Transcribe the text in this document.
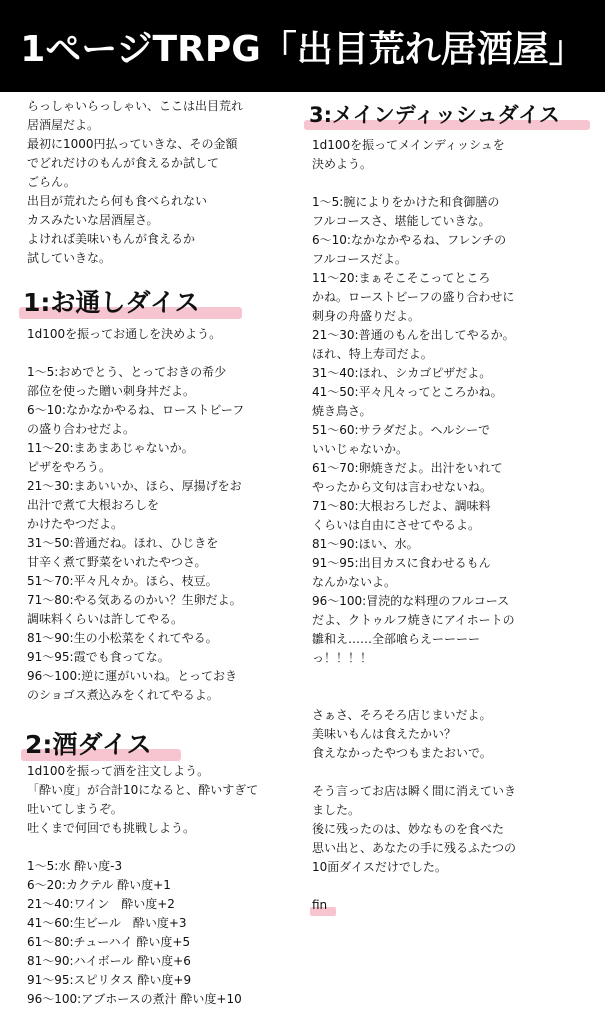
1ページTRPG「出目荒れ居酒屋」
らっしゃいらっしゃい、ここは出目荒れ
居酒屋だよ。
最初に1000円払っていきな、その金額
でどれだけのもんが食えるか試して
ごらん。
出目が荒れたら何も食べられない
カスみたいな居酒屋さ。
よければ美味いもんが食えるか
試していきな。
1:お通しダイス
1d100を振ってお通しを決めよう。
1〜5:おめでとう、とっておきの希少
部位を使った贈い刺身丼だよ。
6〜10:なかなかやるね、ローストビーフ
の盛り合わせだよ。
11〜20:まあまあじゃないか。
ピザをやろう。
21〜30:まあいいか、ほら、厚揚げをお
出汁で煮て大根おろしを
かけたやつだよ。
31〜50:普通だね。ほれ、ひじきを
甘辛く煮て野菜をいれたやつさ。
51〜70:平々凡々か。ほら、枝豆。
71〜80:やる気あるのかい？生卵だよ。
調味料くらいは許してやる。
81〜90:生の小松菜をくれてやる。
91〜95:霞でも食ってな。
96〜100:逆に運がいいね。とっておき
のショゴス煮込みをくれてやるよ。
2:酒ダイス
1d100を振って酒を注文しよう。
「酔い度」が合計10になると、酔いすぎて
吐いてしまうぞ。
吐くまで何回でも挑戦しよう。
1〜5:水 酔い度-3
6〜20:カクテル 酔い度+1
21〜40:ワイン　酔い度+2
41〜60:生ビール　酔い度+3
61〜80:チューハイ 酔い度+5
81〜90:ハイボール 酔い度+6
91〜95:スピリタス 酔い度+9
96〜100:アブホースの煮汁 酔い度+10
3:メインディッシュダイス
1d100を振ってメインディッシュを
決めよう。
1〜5:腕によりをかけた和食御膳の
フルコースさ、堪能していきな。
6〜10:なかなかやるね、フレンチの
フルコースだよ。
11〜20:まぁそこそこってところ
かね。ローストビーフの盛り合わせに
刺身の舟盛りだよ。
21〜30:普通のもんを出してやるか。
ほれ、特上寿司だよ。
31〜40:ほれ、シカゴピザだよ。
41〜50:平々凡々ってところかね。
焼き鳥さ。
51〜60:サラダだよ。ヘルシーで
いいじゃないか。
61〜70:卵焼きだよ。出汁をいれて
やったから文句は言わせないね。
71〜80:大根おろしだよ、調味料
くらいは自由にさせてやるよ。
81〜90:ほい、水。
91〜95:出目カスに食わせるもん
なんかないよ。
96〜100:冒涜的な料理のフルコース
だよ、クトゥルフ焼きにアイホートの
雛和え……全部喰らえーーーー
っ！！！！
さぁさ、そろそろ店じまいだよ。
美味いもんは食えたかい？
食えなかったやつもまたおいで。
そう言ってお店は瞬く間に消えていき
ました。
後に残ったのは、妙なものを食べた
思い出と、あなたの手に残るふたつの
10面ダイスだけでした。
fin
